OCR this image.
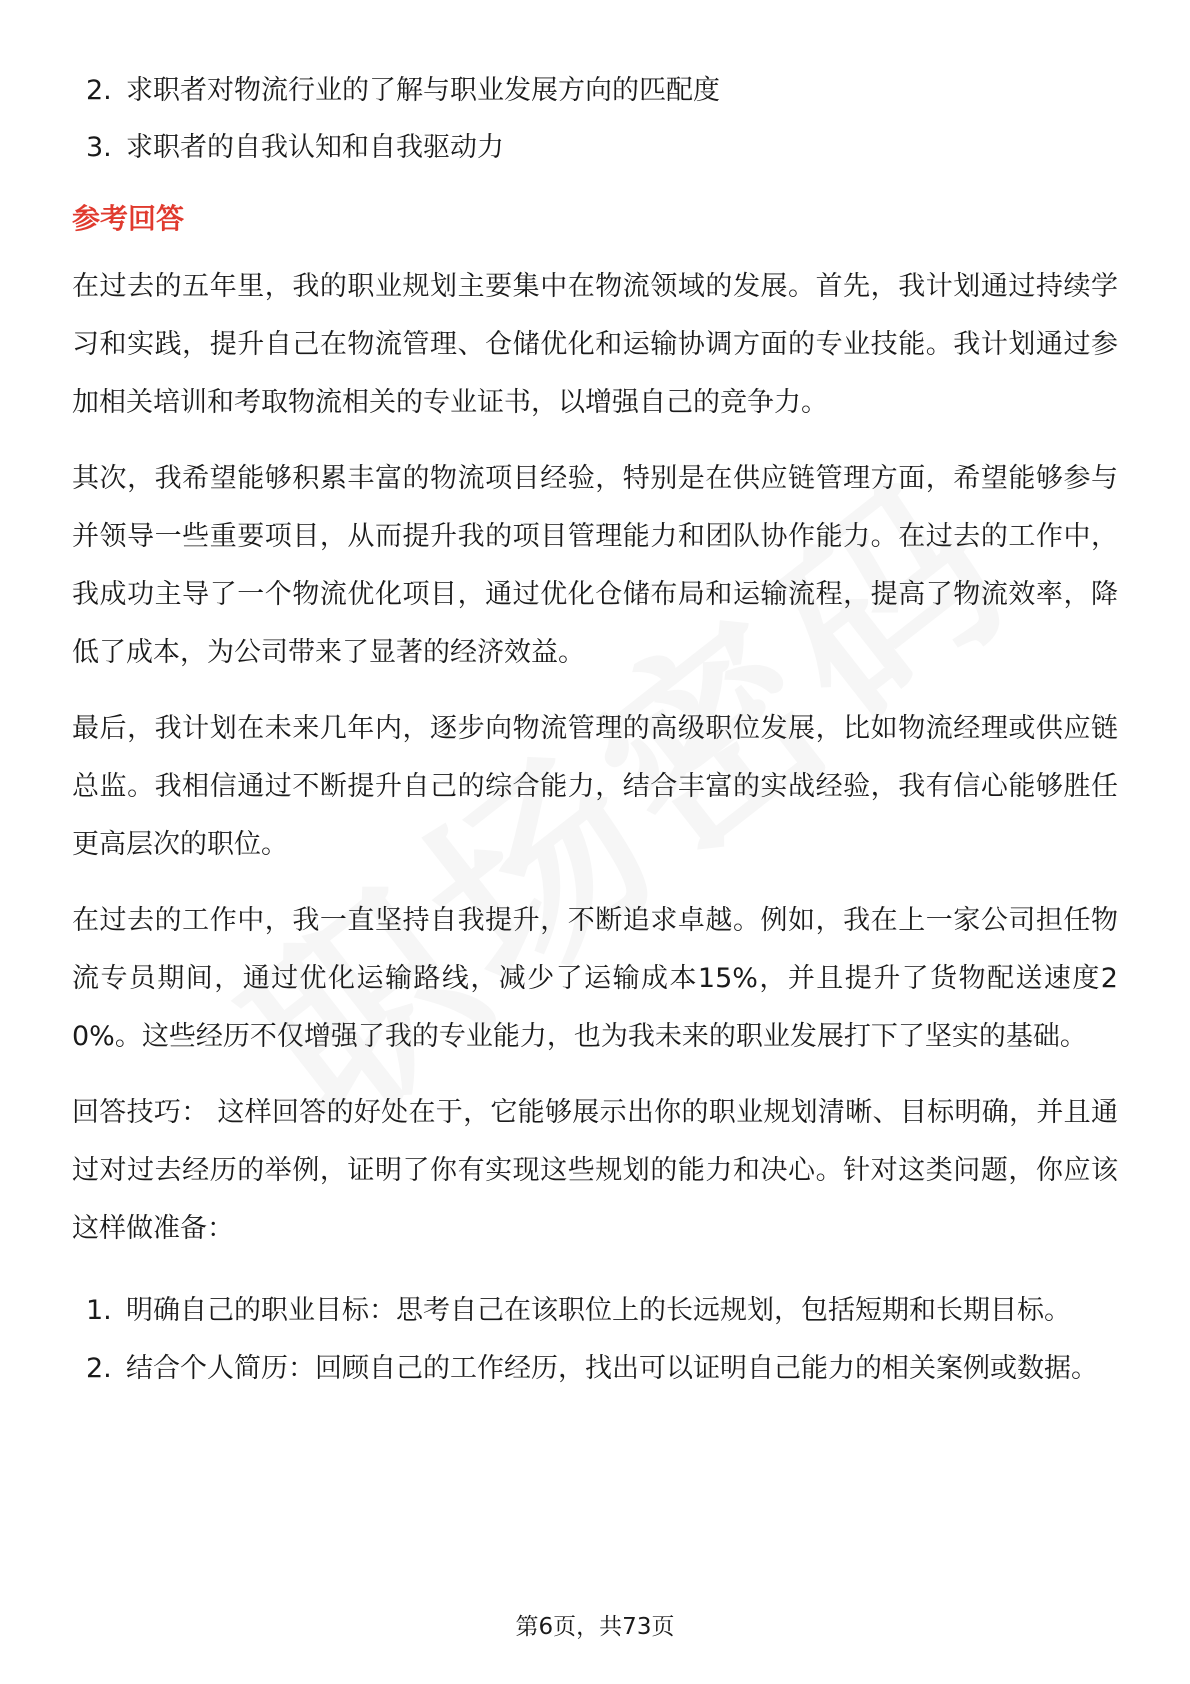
2. 求职者对物流行业的了解与职业发展方向的匹配度
3. 求职者的自我认知和自我驱动力
参考回答

在过去的五年里，我的职业规划主要集中在物流领域的发展。首先，我计划通过持续学习和实践，提升自己在物流管理、仓储优化和运输协调方面的专业技能。我计划通过参加相关培训和考取物流相关的专业证书，以增强自己的竞争力。

其次，我希望能够积累丰富的物流项目经验，特别是在供应链管理方面，希望能够参与并领导一些重要项目，从而提升我的项目管理能力和团队协作能力。在过去的工作中，我成功主导了一个物流优化项目，通过优化仓储布局和运输流程，提高了物流效率，降低了成本，为公司带来了显著的经济效益。

最后，我计划在未来几年内，逐步向物流管理的高级职位发展，比如物流经理或供应链总监。我相信通过不断提升自己的综合能力，结合丰富的实战经验，我有信心能够胜任更高层次的职位。

在过去的工作中，我一直坚持自我提升，不断追求卓越。例如，我在上一家公司担任物流专员期间，通过优化运输路线，减少了运输成本15%，并且提升了货物配送速度20%。这些经历不仅增强了我的专业能力，也为我未来的职业发展打下了坚实的基础。

回答技巧： 这样回答的好处在于，它能够展示出你的职业规划清晰、目标明确，并且通过对过去经历的举例，证明了你有实现这些规划的能力和决心。针对这类问题，你应该这样做准备：

1. 明确自己的职业目标：思考自己在该职位上的长远规划，包括短期和长期目标。
2. 结合个人简历：回顾自己的工作经历，找出可以证明自己能力的相关案例或数据。
第6页，共73页
